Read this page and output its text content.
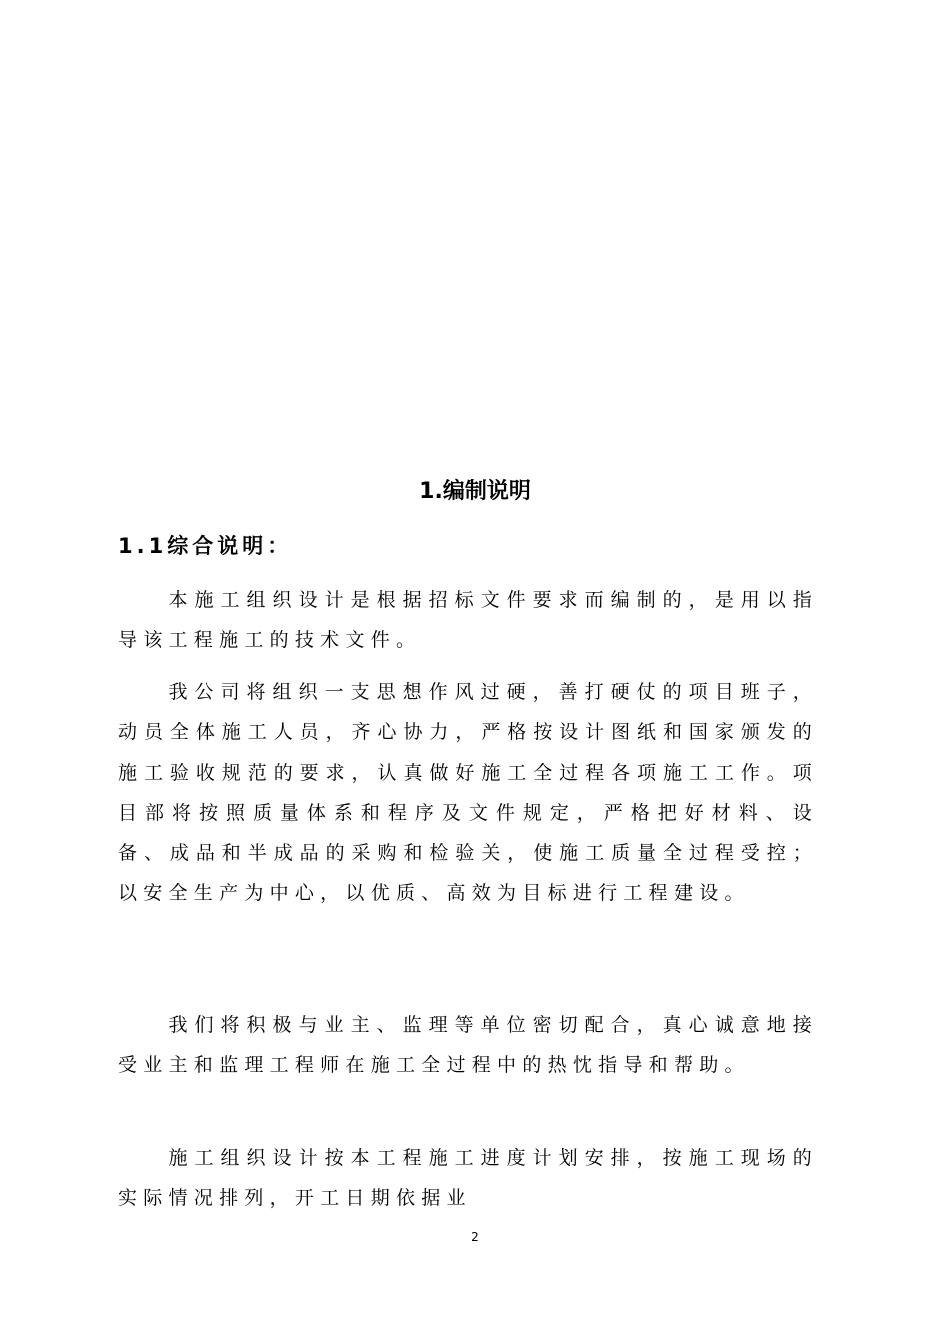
1.编制说明
1.1综合说明：

本施工组织设计是根据招标文件要求而编制的，是用以指导该工程施工的技术文件。

我公司将组织一支思想作风过硬，善打硬仗的项目班子，动员全体施工人员，齐心协力，严格按设计图纸和国家颁发的施工验收规范的要求，认真做好施工全过程各项施工工作。项目部将按照质量体系和程序及文件规定，严格把好材料、设备、成品和半成品的采购和检验关，使施工质量全过程受控；以安全生产为中心，以优质、高效为目标进行工程建设。

我们将积极与业主、监理等单位密切配合，真心诚意地接受业主和监理工程师在施工全过程中的热忱指导和帮助。

施工组织设计按本工程施工进度计划安排，按施工现场的实际情况排列，开工日期依据业

2
